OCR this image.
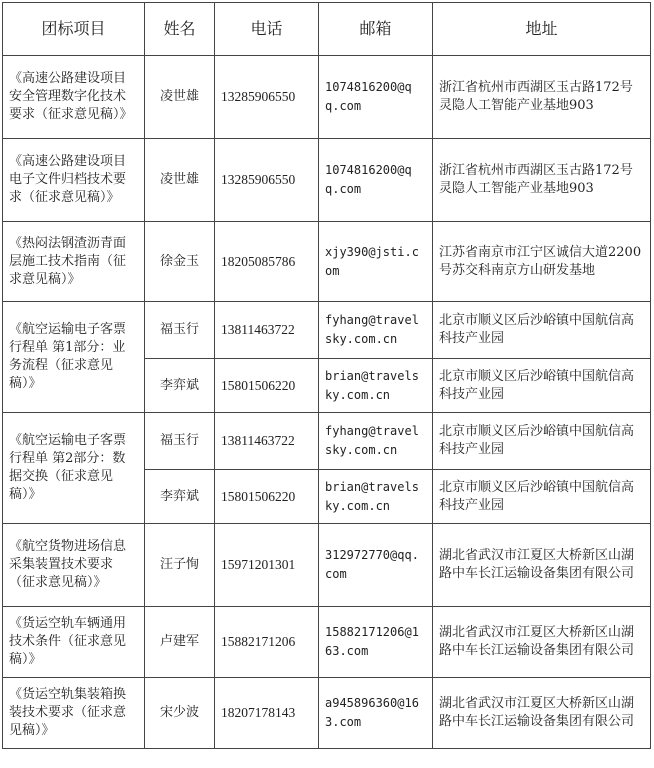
团标项目	姓名	电话	邮箱	地址
《高速公路建设项目安全管理数字化技术要求（征求意见稿）》	凌世雄	13285906550	1074816200@qq.com	浙江省杭州市西湖区玉古路172号灵隐人工智能产业基地903
《高速公路建设项目电子文件归档技术要求（征求意见稿）》	凌世雄	13285906550	1074816200@qq.com	浙江省杭州市西湖区玉古路172号灵隐人工智能产业基地903
《热闷法钢渣沥青面层施工技术指南（征求意见稿）》	徐金玉	18205085786	xjy390@jsti.com	江苏省南京市江宁区诚信大道2200号苏交科南京方山研发基地
《航空运输电子客票行程单 第1部分：业务流程（征求意见稿）》	福玉行	13811463722	fyhang@travelsky.com.cn	北京市顺义区后沙峪镇中国航信高科技产业园
	李弈斌	15801506220	brian@travelsky.com.cn	北京市顺义区后沙峪镇中国航信高科技产业园
《航空运输电子客票行程单 第2部分：数据交换（征求意见稿）》	福玉行	13811463722	fyhang@travelsky.com.cn	北京市顺义区后沙峪镇中国航信高科技产业园
	李弈斌	15801506220	brian@travelsky.com.cn	北京市顺义区后沙峪镇中国航信高科技产业园
《航空货物进场信息采集装置技术要求（征求意见稿）》	汪子恂	15971201301	312972770@qq.com	湖北省武汉市江夏区大桥新区山湖路中车长江运输设备集团有限公司
《货运空轨车辆通用技术条件（征求意见稿）》	卢建军	15882171206	15882171206@163.com	湖北省武汉市江夏区大桥新区山湖路中车长江运输设备集团有限公司
《货运空轨集装箱换装技术要求（征求意见稿）》	宋少波	18207178143	a945896360@163.com	湖北省武汉市江夏区大桥新区山湖路中车长江运输设备集团有限公司
